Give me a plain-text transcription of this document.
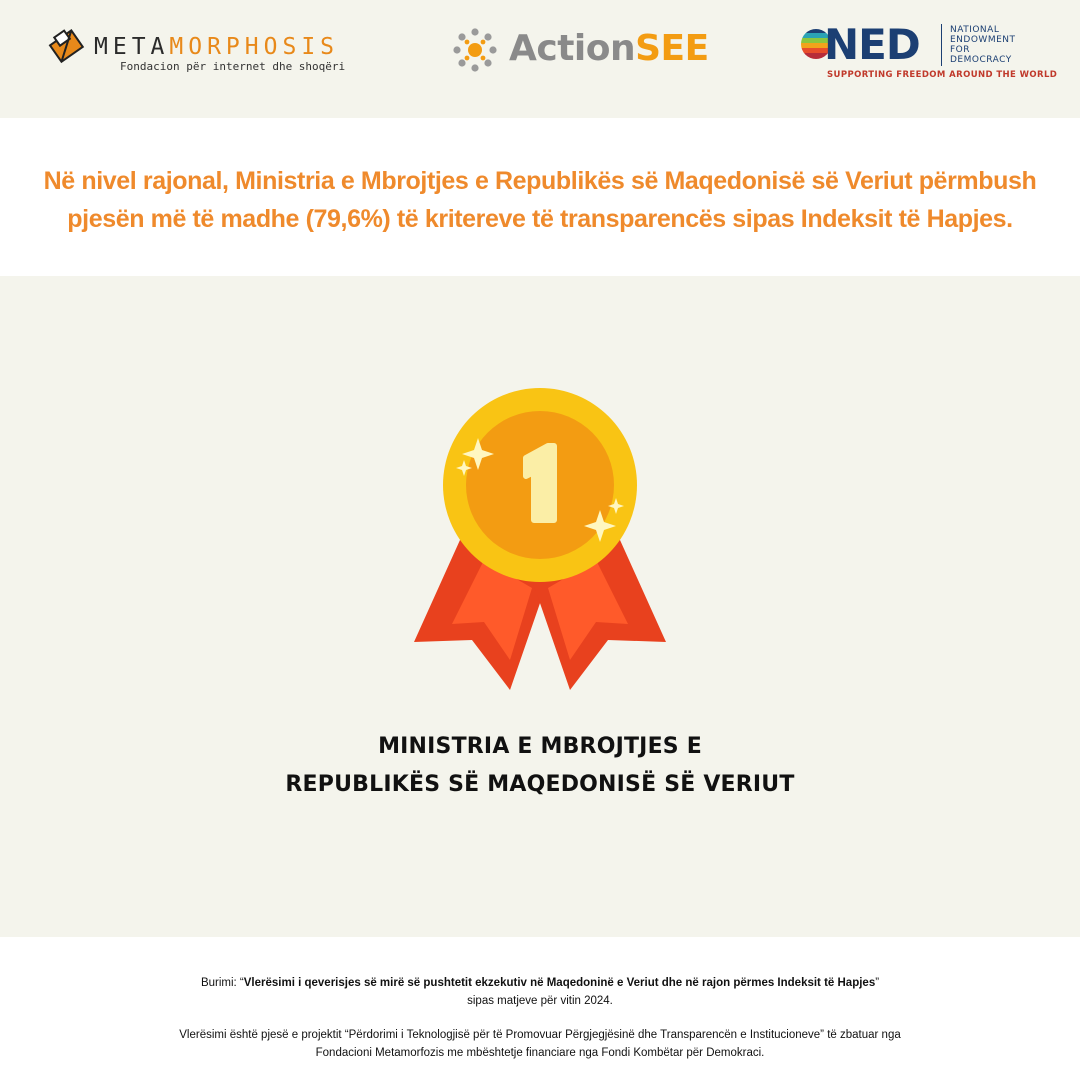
METAMORPHOSIS
Fondacion për internet dhe shoqëri	ActionSEE	NED	NATIONAL
ENDOWMENT
FOR
DEMOCRACY
SUPPORTING FREEDOM AROUND THE WORLD
Në nivel rajonal, Ministria e Mbrojtjes e Republikës së Maqedonisë së Veriut përmbush pjesën më të madhe (79,6%) të kritereve të transparencës sipas Indeksit të Hapjes.
MINISTRIA E MBROJTJES E
REPUBLIKËS SË MAQEDONISË SË VERIUT
Burimi: “Vlerësimi i qeverisjes së mirë së pushtetit ekzekutiv në Maqedoninë e Veriut dhe në rajon përmes Indeksit të Hapjes”
sipas matjeve për vitin 2024.
Vlerësimi është pjesë e projektit “Përdorimi i Teknologjisë për të Promovuar Përgjegjësinë dhe Transparencën e Institucioneve” të zbatuar nga
Fondacioni Metamorfozis me mbështetje financiare nga Fondi Kombëtar për Demokraci.
